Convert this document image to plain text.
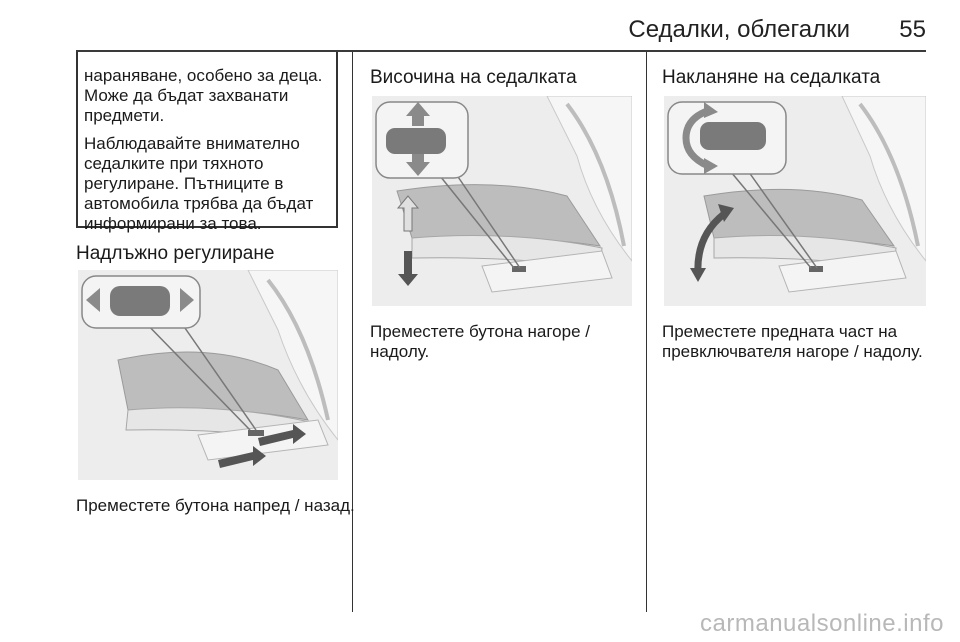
Седалки, облегалки 55

нараняване, особено за деца.
Може да бъдат захванати
предмети.

Наблюдавайте внимателно
седалките при тяхното
регулиране. Пътниците в
автомобила трябва да бъдат
информирани за това.

Надлъжно регулиране
Преместете бутона напред / назад.
Височина на седалката
Преместете бутона нагоре /
надолу.
Накланяне на седалката
Преместете предната част на
превключвателя нагоре / надолу.
carmanualsonline.info
